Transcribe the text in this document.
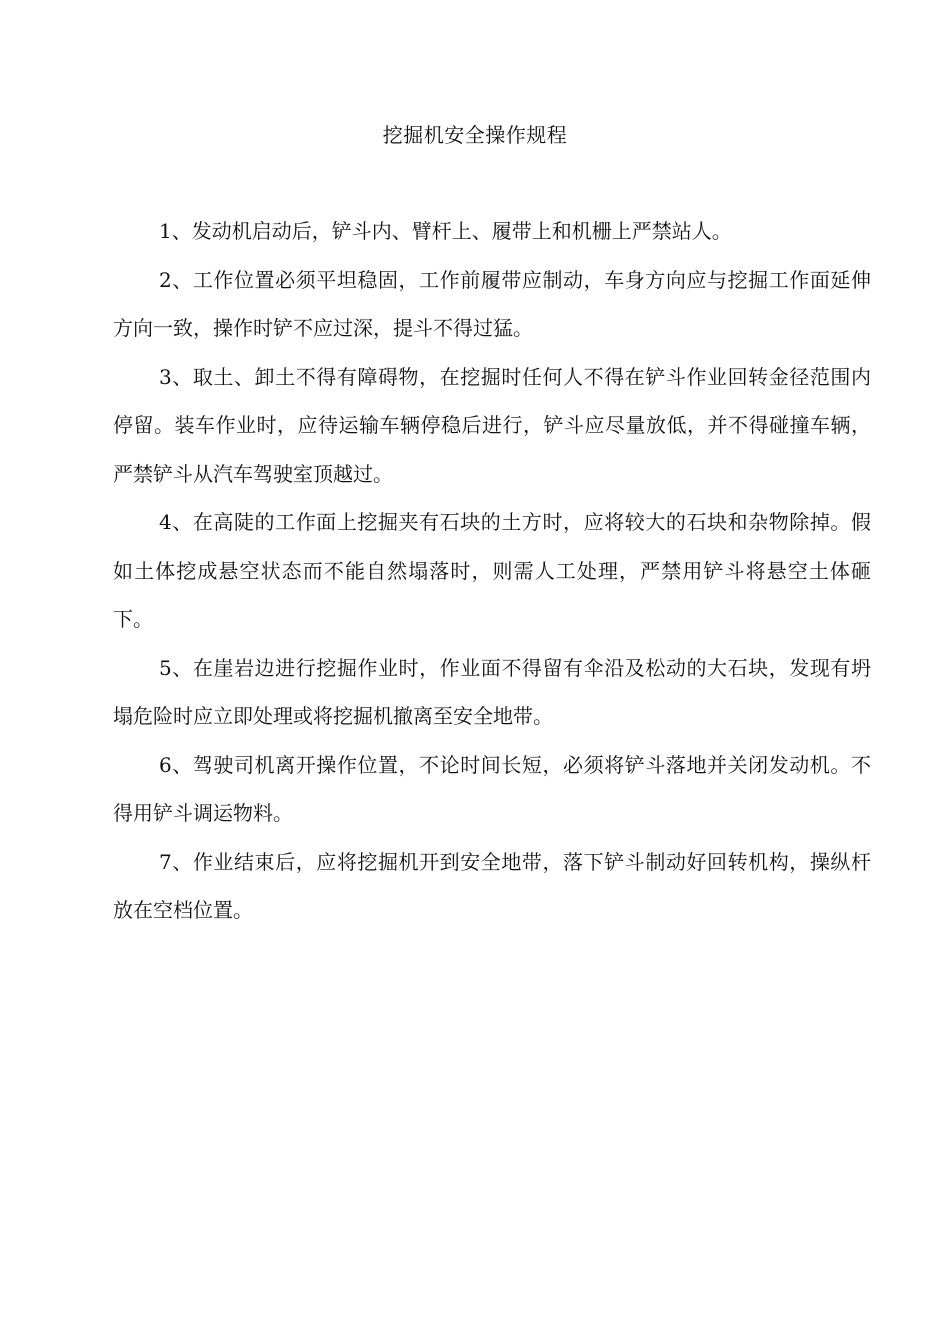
挖掘机安全操作规程

1、发动机启动后，铲斗内、臂杆上、履带上和机栅上严禁站人。

2、工作位置必须平坦稳固，工作前履带应制动，车身方向应与挖掘工作面延伸方向一致，操作时铲不应过深，提斗不得过猛。

3、取土、卸土不得有障碍物，在挖掘时任何人不得在铲斗作业回转金径范围内停留。装车作业时，应待运输车辆停稳后进行，铲斗应尽量放低，并不得碰撞车辆，严禁铲斗从汽车驾驶室顶越过。

4、在高陡的工作面上挖掘夹有石块的土方时，应将较大的石块和杂物除掉。假如土体挖成悬空状态而不能自然塌落时，则需人工处理，严禁用铲斗将悬空土体砸下。

5、在崖岩边进行挖掘作业时，作业面不得留有伞沿及松动的大石块，发现有坍塌危险时应立即处理或将挖掘机撤离至安全地带。

6、驾驶司机离开操作位置，不论时间长短，必须将铲斗落地并关闭发动机。不得用铲斗调运物料。

7、作业结束后，应将挖掘机开到安全地带，落下铲斗制动好回转机构，操纵杆放在空档位置。
